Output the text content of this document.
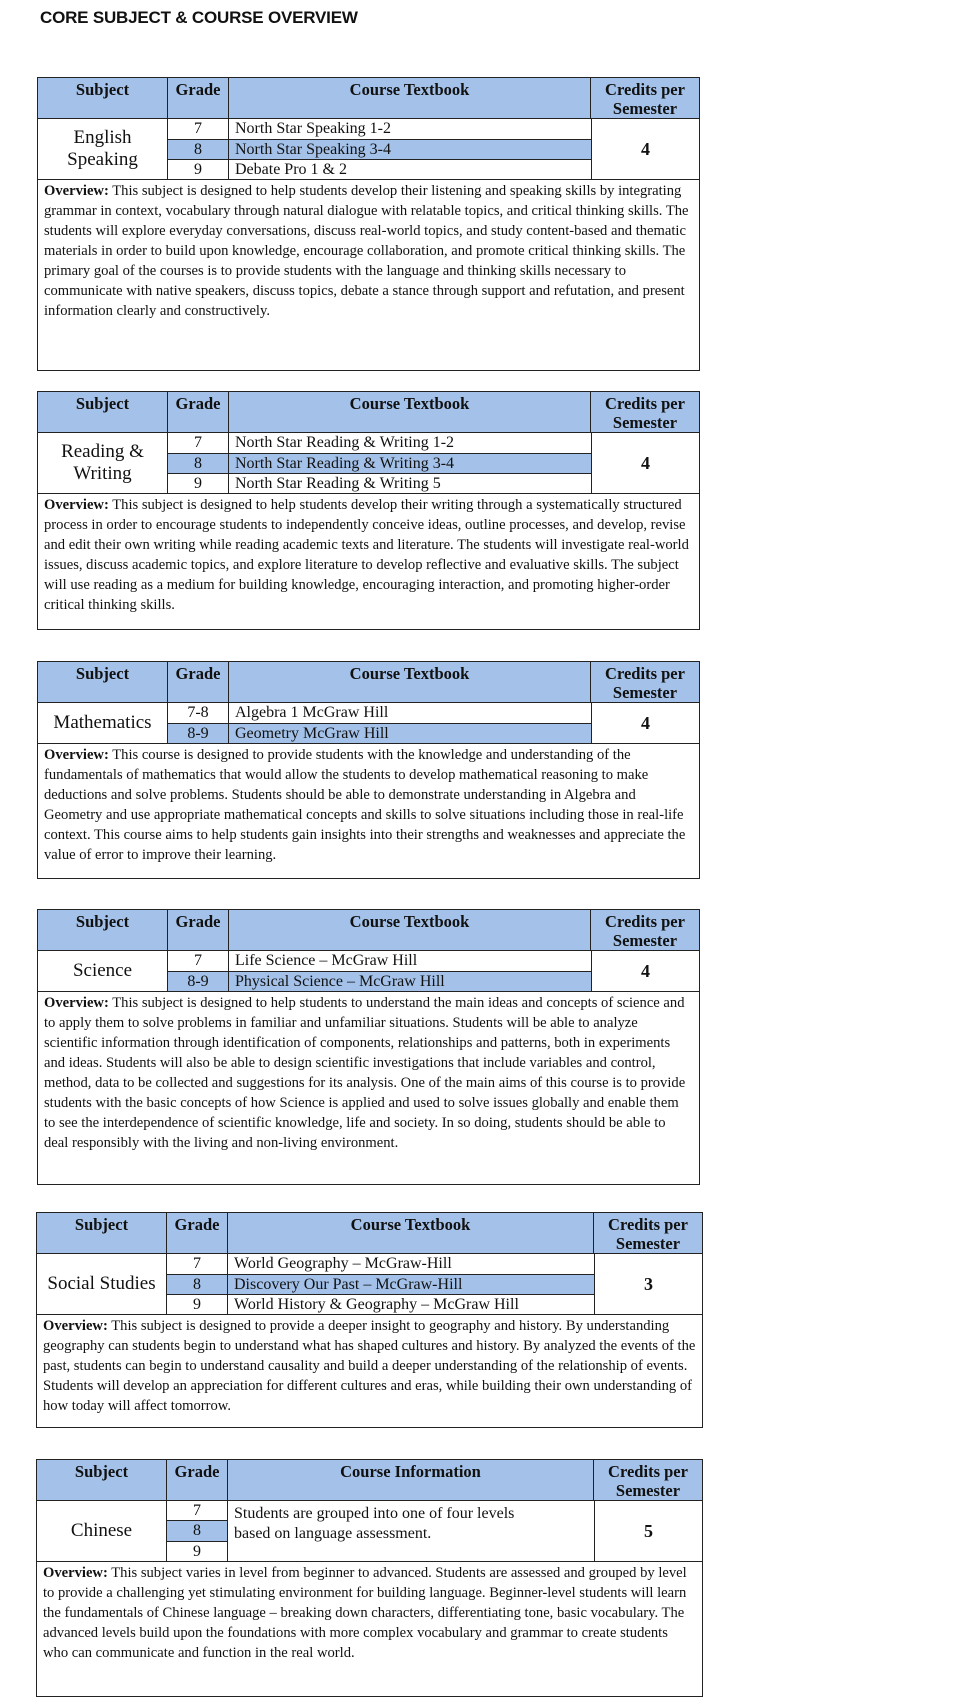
CORE SUBJECT & COURSE OVERVIEW
Subject	Grade	Course Textbook	Credits per Semester
English Speaking
7	North Star Speaking 1-2
8	North Star Speaking 3-4
9	Debate Pro 1 & 2
4
Overview: This subject is designed to help students develop their listening and speaking skills by integrating grammar in context, vocabulary through natural dialogue with relatable topics, and critical thinking skills. The students will explore everyday conversations, discuss real-world topics, and study content-based and thematic materials in order to build upon knowledge, encourage collaboration, and promote critical thinking skills. The primary goal of the courses is to provide students with the language and thinking skills necessary to communicate with native speakers, discuss topics, debate a stance through support and refutation, and present information clearly and constructively.
Subject	Grade	Course Textbook	Credits per Semester
Reading & Writing
7	North Star Reading & Writing 1-2
8	North Star Reading & Writing 3-4
9	North Star Reading & Writing 5
4
Overview: This subject is designed to help students develop their writing through a systematically structured process in order to encourage students to independently conceive ideas, outline processes, and develop, revise and edit their own writing while reading academic texts and literature. The students will investigate real-world issues, discuss academic topics, and explore literature to develop reflective and evaluative skills. The subject will use reading as a medium for building knowledge, encouraging interaction, and promoting higher-order critical thinking skills.
Subject	Grade	Course Textbook	Credits per Semester
Mathematics	7-8	Algebra 1 McGraw Hill
8-9	Geometry McGraw Hill
4
Overview: This course is designed to provide students with the knowledge and understanding of the fundamentals of mathematics that would allow the students to develop mathematical reasoning to make deductions and solve problems. Students should be able to demonstrate understanding in Algebra and Geometry and use appropriate mathematical concepts and skills to solve situations including those in real-life context. This course aims to help students gain insights into their strengths and weaknesses and appreciate the value of error to improve their learning.
Subject	Grade	Course Textbook	Credits per Semester
Science	7	Life Science – McGraw Hill
8-9	Physical Science – McGraw Hill
4
Overview: This subject is designed to help students to understand the main ideas and concepts of science and to apply them to solve problems in familiar and unfamiliar situations. Students will be able to analyze scientific information through identification of components, relationships and patterns, both in experiments and ideas. Students will also be able to design scientific investigations that include variables and control, method, data to be collected and suggestions for its analysis. One of the main aims of this course is to provide students with the basic concepts of how Science is applied and used to solve issues globally and enable them to see the interdependence of scientific knowledge, life and society. In so doing, students should be able to deal responsibly with the living and non-living environment.
Subject	Grade	Course Textbook	Credits per Semester
Social Studies
7	World Geography – McGraw-Hill
8	Discovery Our Past – McGraw-Hill
9	World History & Geography – McGraw Hill
3
Overview: This subject is designed to provide a deeper insight to geography and history. By understanding geography can students begin to understand what has shaped cultures and history. By analyzed the events of the past, students can begin to understand causality and build a deeper understanding of the relationship of events. Students will develop an appreciation for different cultures and eras, while building their own understanding of how today will affect tomorrow.
Subject	Grade	Course Information	Credits per Semester
Chinese
7
8
9
Students are grouped into one of four levels based on language assessment.	5
Overview: This subject varies in level from beginner to advanced. Students are assessed and grouped by level to provide a challenging yet stimulating environment for building language. Beginner-level students will learn the fundamentals of Chinese language – breaking down characters, differentiating tone, basic vocabulary. The advanced levels build upon the foundations with more complex vocabulary and grammar to create students who can communicate and function in the real world.
